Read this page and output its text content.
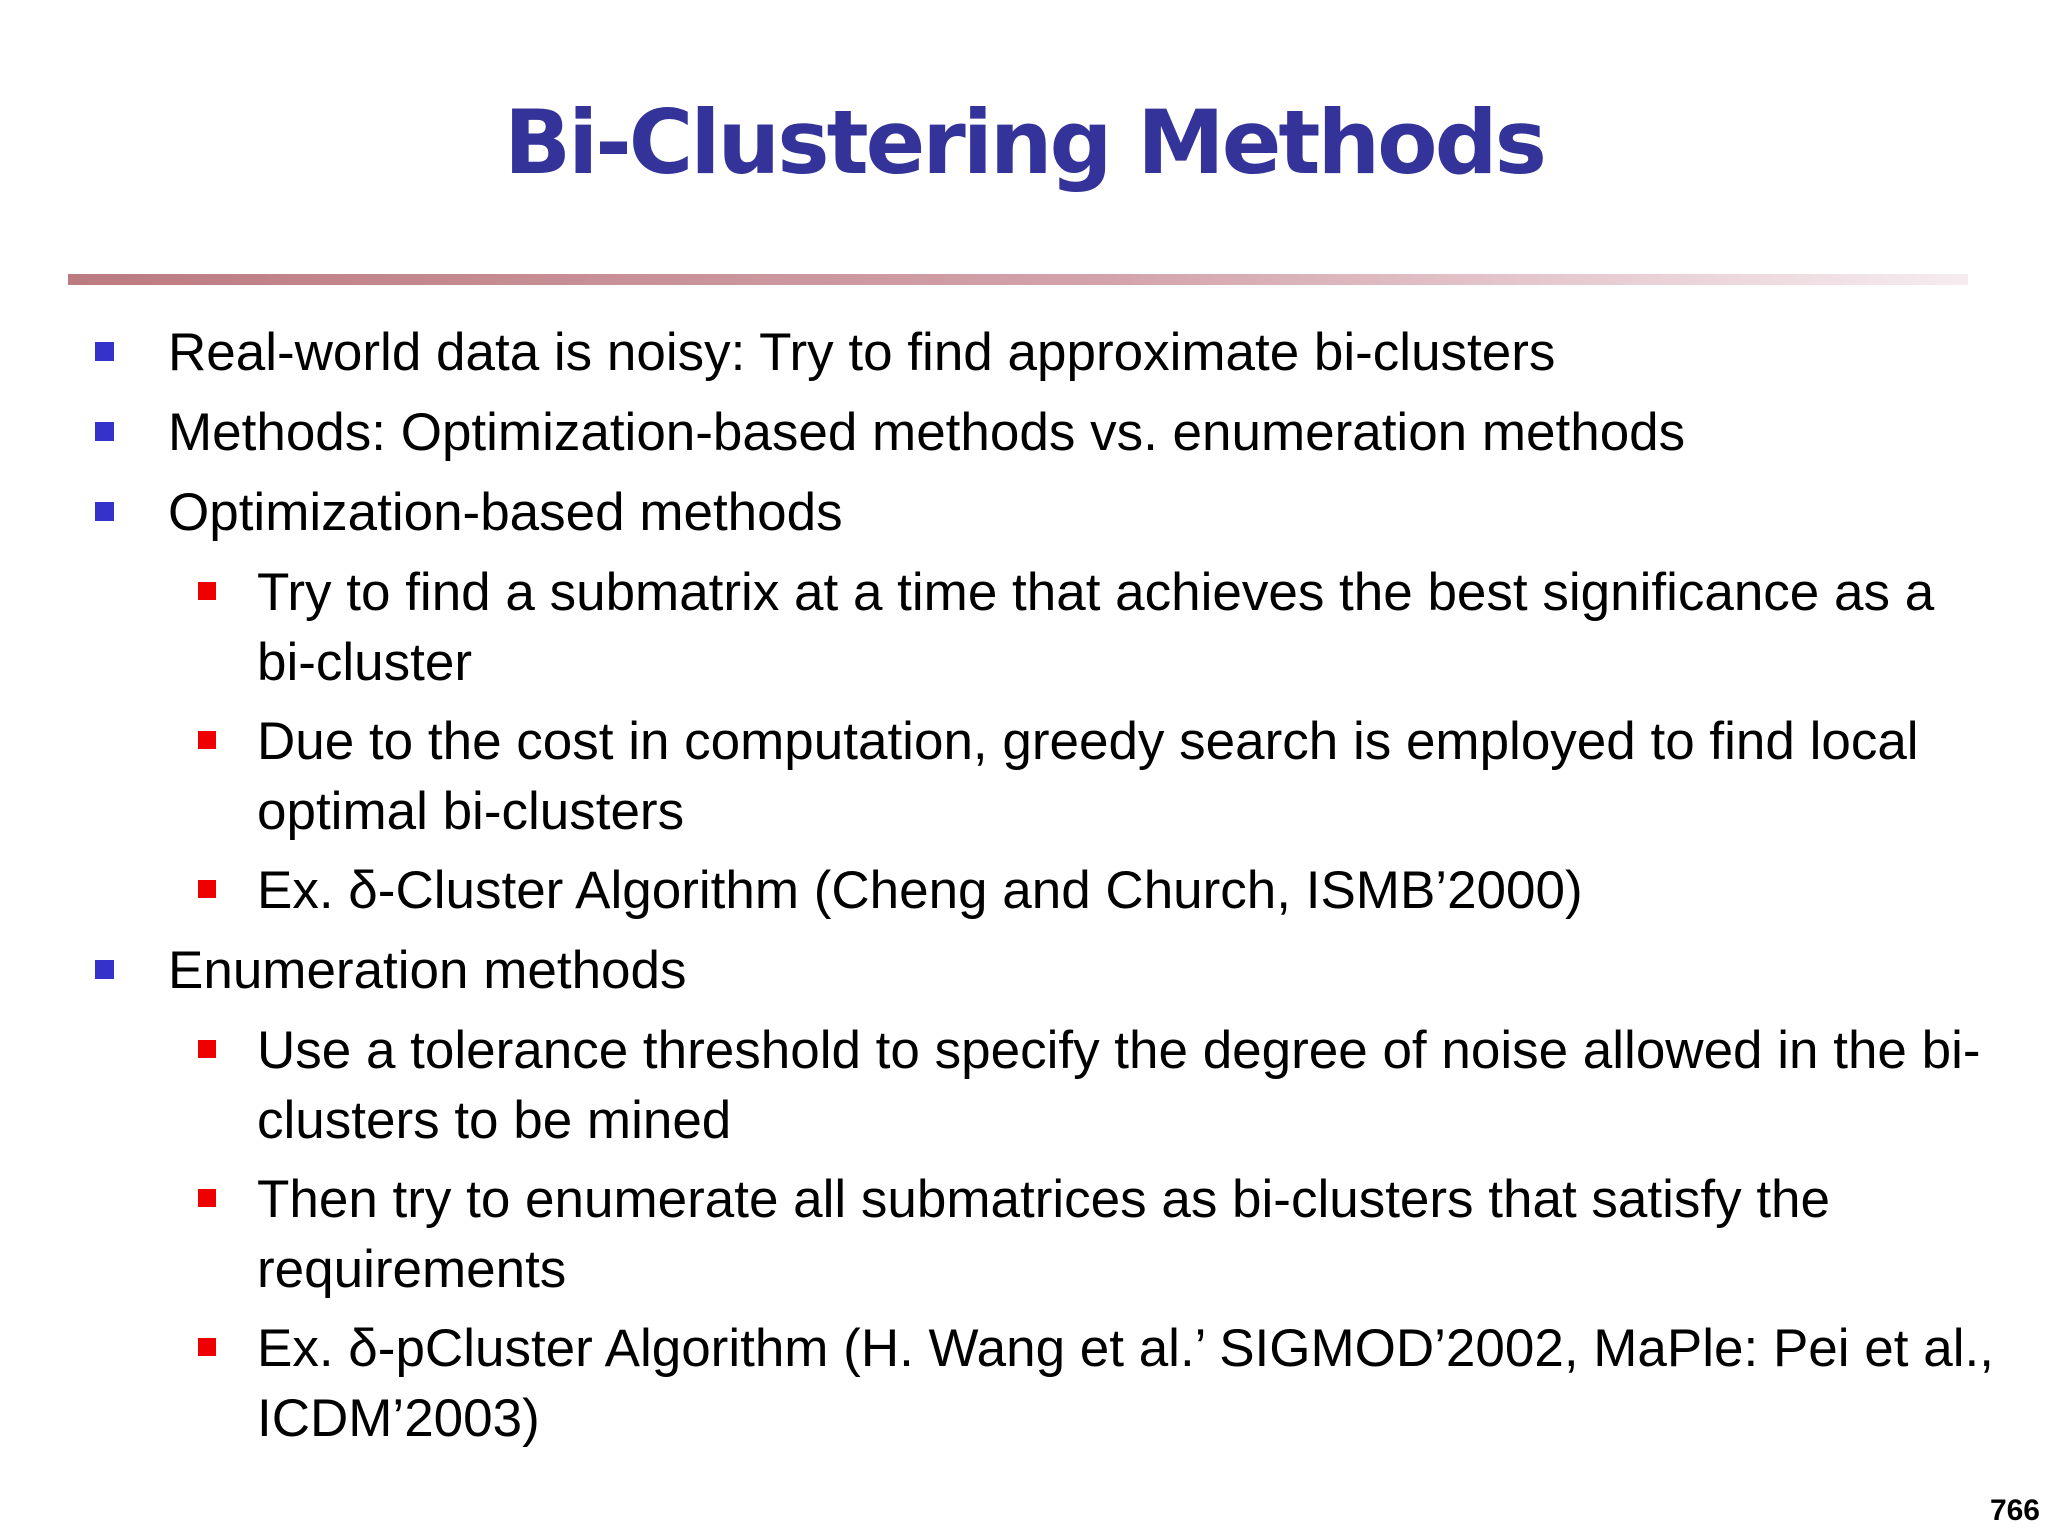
Bi-Clustering Methods
Real-world data is noisy: Try to find approximate bi-clusters
Methods: Optimization-based methods vs. enumeration methods
Optimization-based methods
Try to find a submatrix at a time that achieves the best significance as a bi-cluster
Due to the cost in computation, greedy search is employed to find local optimal bi-clusters
Ex. δ-Cluster Algorithm (Cheng and Church, ISMB’2000)
Enumeration methods
Use a tolerance threshold to specify the degree of noise allowed in the bi-clusters to be mined
Then try to enumerate all submatrices as bi-clusters that satisfy the requirements
Ex. δ-pCluster Algorithm (H. Wang et al.’ SIGMOD’2002, MaPle: Pei et al., ICDM’2003)
766
